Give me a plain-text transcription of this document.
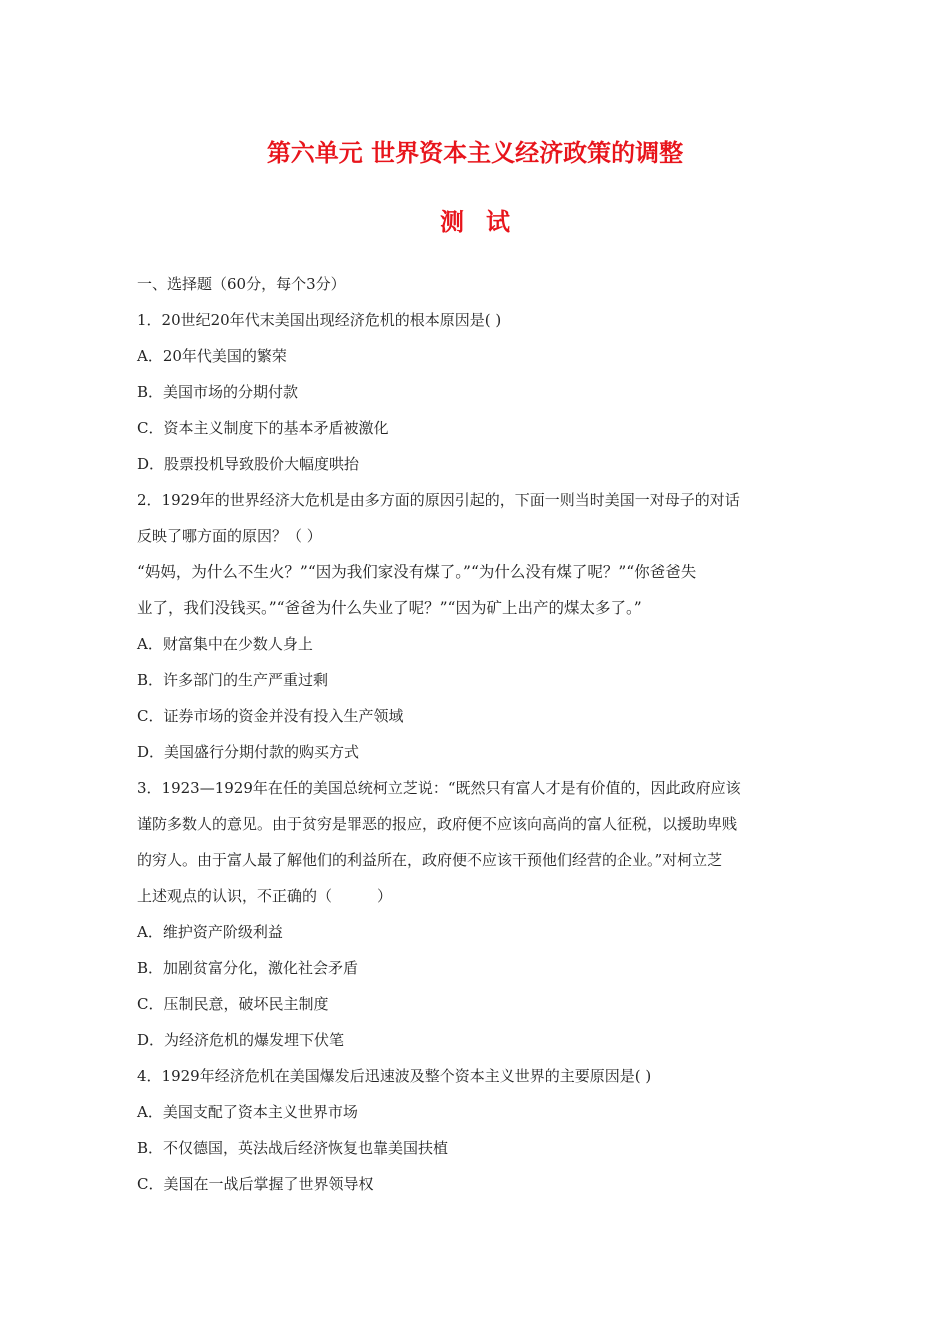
第六单元 世界资本主义经济政策的调整
测试
一、选择题（60分，每个3分）
1．20世纪20年代末美国出现经济危机的根本原因是( )
A．20年代美国的繁荣
B．美国市场的分期付款
C．资本主义制度下的基本矛盾被激化
D．股票投机导致股价大幅度哄抬
2．1929年的世界经济大危机是由多方面的原因引起的，下面一则当时美国一对母子的对话
反映了哪方面的原因？（ ）
“妈妈，为什么不生火？”“因为我们家没有煤了。”“为什么没有煤了呢？”“你爸爸失
业了，我们没钱买。”“爸爸为什么失业了呢？”“因为矿上出产的煤太多了。”
A．财富集中在少数人身上
B．许多部门的生产严重过剩
C．证券市场的资金并没有投入生产领域
D．美国盛行分期付款的购买方式
3．1923—1929年在任的美国总统柯立芝说：“既然只有富人才是有价值的，因此政府应该
谨防多数人的意见。由于贫穷是罪恶的报应，政府便不应该向高尚的富人征税，以援助卑贱
的穷人。由于富人最了解他们的利益所在，政府便不应该干预他们经营的企业。”对柯立芝
上述观点的认识，不正确的（　　　）
A．维护资产阶级利益
B．加剧贫富分化，激化社会矛盾
C．压制民意，破坏民主制度
D．为经济危机的爆发埋下伏笔
4．1929年经济危机在美国爆发后迅速波及整个资本主义世界的主要原因是( )
A．美国支配了资本主义世界市场
B．不仅德国，英法战后经济恢复也靠美国扶植
C．美国在一战后掌握了世界领导权
